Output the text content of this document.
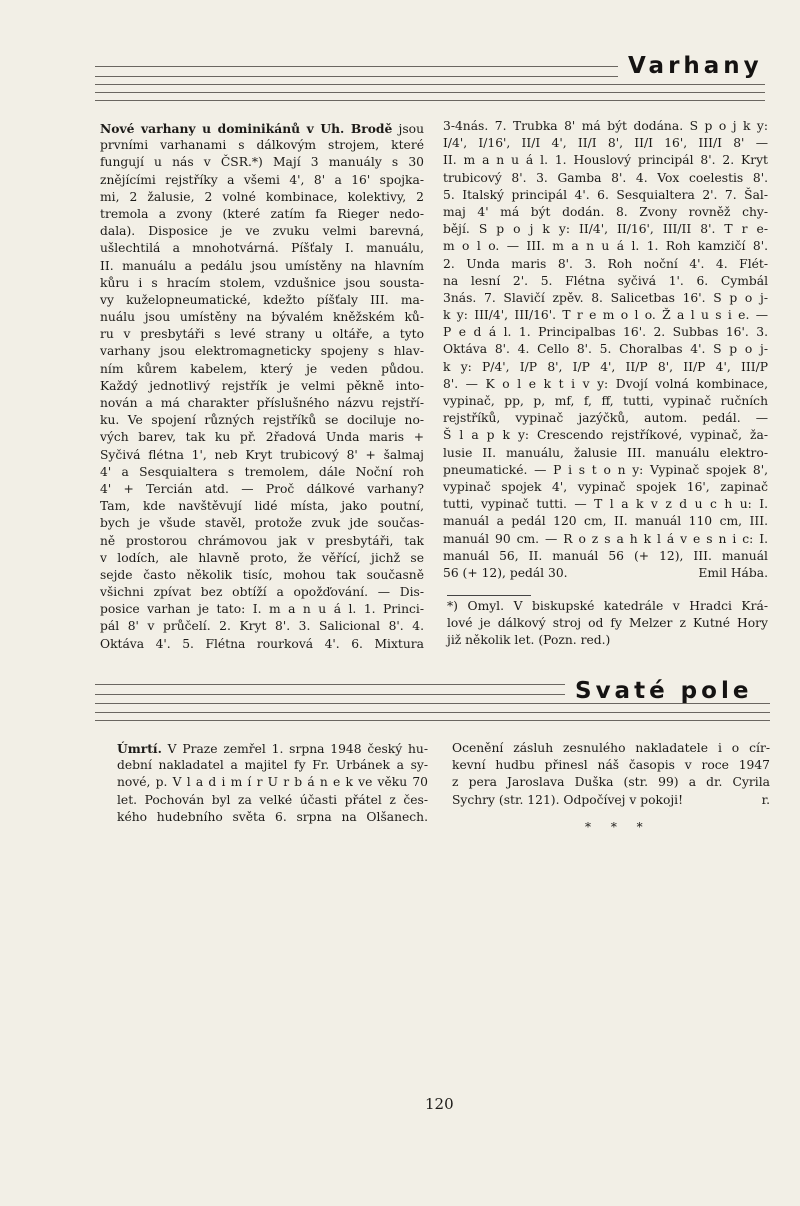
Varhany
Nové varhany u dominikánů v Uh. Brodě jsou
prvními varhanami s dálkovým strojem, které
fungují u nás v ČSR.*) Mají 3 manuály s 30
znějícími rejstříky a všemi 4', 8' a 16' spojka-
mi, 2 žalusie, 2 volné kombinace, kolektivy, 2
tremola a zvony (které zatím fa Rieger nedo-
dala). Disposice je ve zvuku velmi barevná,
ušlechtilá a mnohotvárná. Píšťaly I. manuálu,
II. manuálu a pedálu jsou umístěny na hlavním
kůru i s hracím stolem, vzdušnice jsou sousta-
vy kuželopneumatické, kdežto píšťaly III. ma-
nuálu jsou umístěny na bývalém kněžském ků-
ru v presbytáři s levé strany u oltáře, a tyto
varhany jsou elektromagneticky spojeny s hlav-
ním kůrem kabelem, který je veden půdou.
Každý jednotlivý rejstřík je velmi pěkně into-
nován a má charakter příslušného názvu rejstří-
ku. Ve spojení různých rejstříků se dociluje no-
vých barev, tak ku př. 2řadová Unda maris +
Syčivá flétna 1', neb Kryt trubicový 8' + šalmaj
4' a Sesquialtera s tremolem, dále Noční roh
4' + Tercián atd. — Proč dálkové varhany?
Tam, kde navštěvují lidé místa, jako poutní,
bych je všude stavěl, protože zvuk jde součas-
ně prostorou chrámovou jak v presbytáři, tak
v lodích, ale hlavně proto, že věřící, jichž se
sejde často několik tisíc, mohou tak současně
všichni zpívat bez obtíží a opožďování. — Dis-
posice varhan je tato: I. m a n u á l. 1. Princi-
pál 8' v průčelí. 2. Kryt 8'. 3. Salicional 8'. 4.
Oktáva 4'. 5. Flétna rourková 4'. 6. Mixtura
3-4nás. 7. Trubka 8' má být dodána. S p o j k y:
I/4', I/16', II/I 4', II/I 8', II/I 16', III/I 8' —
II. m a n u á l. 1. Houslový principál 8'. 2. Kryt
trubicový 8'. 3. Gamba 8'. 4. Vox coelestis 8'.
5. Italský principál 4'. 6. Sesquialtera 2'. 7. Šal-
maj 4' má být dodán. 8. Zvony rovněž chy-
bějí. S p o j k y: II/4', II/16', III/II 8'. T r e-
m o l o. — III. m a n u á l. 1. Roh kamzičí 8'.
2. Unda maris 8'. 3. Roh noční 4'. 4. Flét-
na lesní 2'. 5. Flétna syčivá 1'. 6. Cymbál
3nás. 7. Slavičí zpěv. 8. Salicetbas 16'. S p o j-
k y: III/4', III/16'. T r e m o l o. Ž a l u s i e. —
P e d á l. 1. Principalbas 16'. 2. Subbas 16'. 3.
Oktáva 8'. 4. Cello 8'. 5. Choralbas 4'. S p o j-
k y: P/4', I/P 8', I/P 4', II/P 8', II/P 4', III/P
8'. — K o l e k t i v y: Dvojí volná kombinace,
vypinač, pp, p, mf, f, ff, tutti, vypinač ručních
rejstříků, vypinač jazýčků, autom. pedál. —
Š l a p k y: Crescendo rejstříkové, vypinač, ža-
lusie II. manuálu, žalusie III. manuálu elektro-
pneumatické. — P i s t o n y: Vypinač spojek 8',
vypinač spojek 4', vypinač spojek 16', zapinač
tutti, vypinač tutti. — T l a k v z d u c h u: I.
manuál a pedál 120 cm, II. manuál 110 cm, III.
manuál 90 cm. — R o z s a h k l á v e s n i c: I.
manuál 56, II. manuál 56 (+ 12), III. manuál
56 (+ 12), pedál 30.	Emil Hába.
*) Omyl. V biskupské katedrále v Hradci Krá-
lové je dálkový stroj od fy Melzer z Kutné Hory
již několik let. (Pozn. red.)
Svaté pole
Úmrtí. V Praze zemřel 1. srpna 1948 český hu-
dební nakladatel a majitel fy Fr. Urbánek a sy-
nové, p. V l a d i m í r U r b á n e k ve věku 70
let. Pochován byl za velké účasti přátel z čes-
kého hudebního světa 6. srpna na Olšanech.
Ocenění zásluh zesnulého nakladatele i o cír-
kevní hudbu přinesl náš časopis v roce 1947
z pera Jaroslava Duška (str. 99) a dr. Cyrila
Sychry (str. 121). Odpočívej v pokoji!	r.
* * *
120
